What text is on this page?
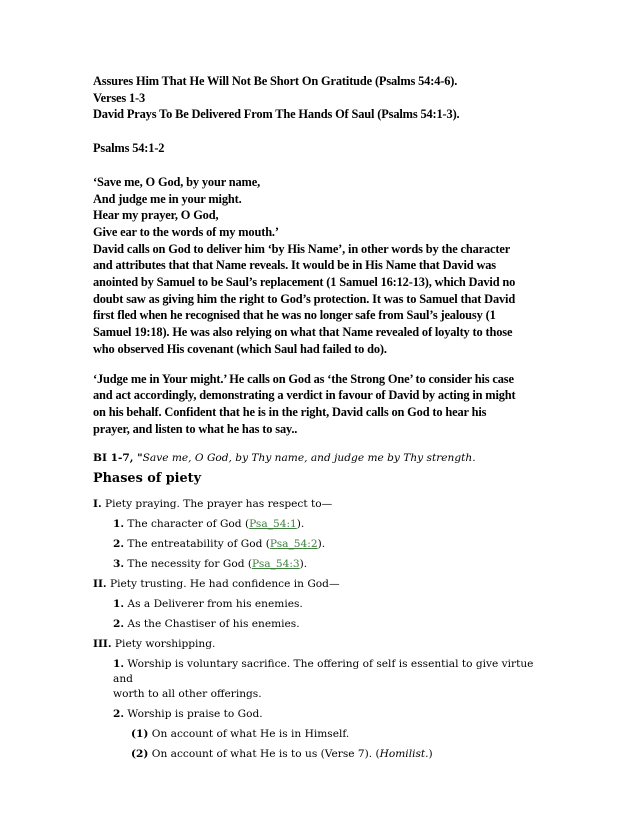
Assures Him That He Will Not Be Short On Gratitude (Psalms 54:4-6).
Verses 1-3
David Prays To Be Delivered From The Hands Of Saul (Psalms 54:1-3).
Psalms 54:1-2
‘Save me, O God, by your name,
And judge me in your might.
Hear my prayer, O God,
Give ear to the words of my mouth.’
David calls on God to deliver him ‘by His Name’, in other words by the character
and attributes that that Name reveals. It would be in His Name that David was
anointed by Samuel to be Saul’s replacement (1 Samuel 16:12-13), which David no
doubt saw as giving him the right to God’s protection. It was to Samuel that David
first fled when he recognised that he was no longer safe from Saul’s jealousy (1
Samuel 19:18). He was also relying on what that Name revealed of loyalty to those
who observed His covenant (which Saul had failed to do).
‘Judge me in Your might.’ He calls on God as ‘the Strong One’ to consider his case
and act accordingly, demonstrating a verdict in favour of David by acting in might
on his behalf. Confident that he is in the right, David calls on God to hear his
prayer, and listen to what he has to say..
BI 1-7, "Save me, O God, by Thy name, and judge me by Thy strength.
Phases of piety
I. Piety praying. The prayer has respect to—
1. The character of God (Psa_54:1).
2. The entreatability of God (Psa_54:2).
3. The necessity for God (Psa_54:3).
II. Piety trusting. He had confidence in God—
1. As a Deliverer from his enemies.
2. As the Chastiser of his enemies.
III. Piety worshipping.
1. Worship is voluntary sacrifice. The offering of self is essential to give virtue and
worth to all other offerings.
2. Worship is praise to God.
(1) On account of what He is in Himself.
(2) On account of what He is to us (Verse 7). (Homilist.)
